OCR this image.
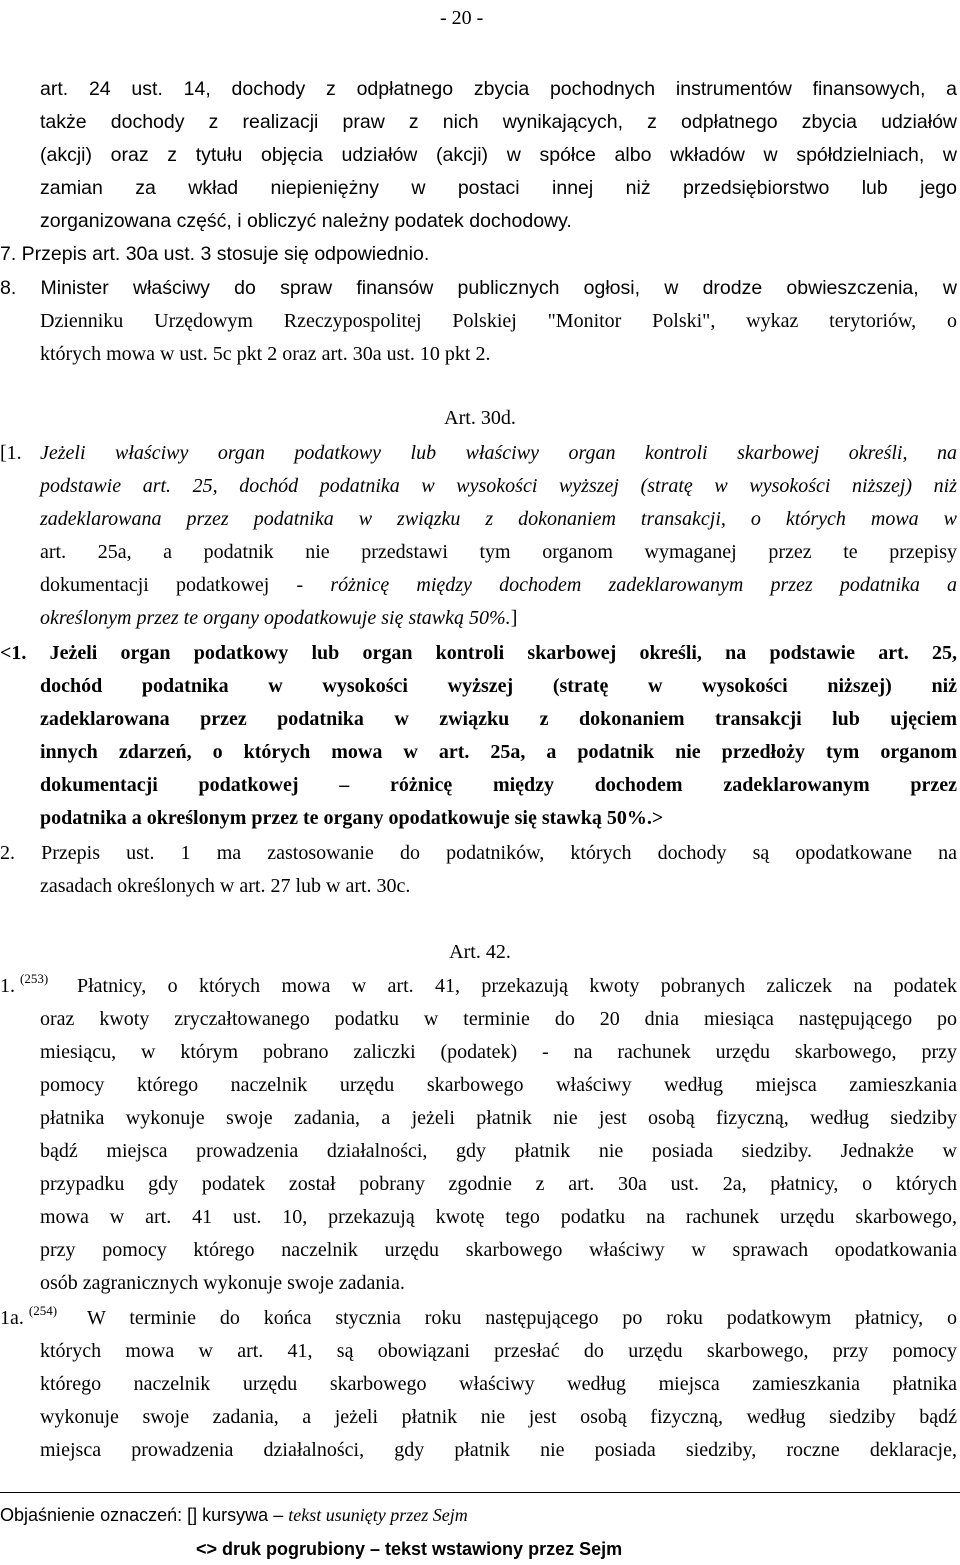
- 20 -
art. 24 ust. 14, dochody z odpłatnego zbycia pochodnych instrumentów finansowych, a
także dochody z realizacji praw z nich wynikających, z odpłatnego zbycia udziałów
(akcji) oraz z tytułu objęcia udziałów (akcji) w spółce albo wkładów w spółdzielniach, w
zamian za wkład niepieniężny w postaci innej niż przedsiębiorstwo lub jego
zorganizowana część, i obliczyć należny podatek dochodowy.
7. Przepis art. 30a ust. 3 stosuje się odpowiednio.
8. Minister właściwy do spraw finansów publicznych ogłosi, w drodze obwieszczenia, w
Dzienniku Urzędowym Rzeczypospolitej Polskiej "Monitor Polski", wykaz terytoriów, o
których mowa w ust. 5c pkt 2 oraz art. 30a ust. 10 pkt 2.
Art. 30d.
[1. Jeżeli właściwy organ podatkowy lub właściwy organ kontroli skarbowej określi, na
podstawie art. 25, dochód podatnika w wysokości wyższej (stratę w wysokości niższej) niż
zadeklarowana przez podatnika w związku z dokonaniem transakcji, o których mowa w
art. 25a, a podatnik nie przedstawi tym organom wymaganej przez te przepisy
dokumentacji podatkowej - różnicę między dochodem zadeklarowanym przez podatnika a
określonym przez te organy opodatkowuje się stawką 50%.]
<1. Jeżeli organ podatkowy lub organ kontroli skarbowej określi, na podstawie art. 25,
dochód podatnika w wysokości wyższej (stratę w wysokości niższej) niż
zadeklarowana przez podatnika w związku z dokonaniem transakcji lub ujęciem
innych zdarzeń, o których mowa w art. 25a, a podatnik nie przedłoży tym organom
dokumentacji podatkowej – różnicę między dochodem zadeklarowanym przez
podatnika a określonym przez te organy opodatkowuje się stawką 50%.>
2. Przepis ust. 1 ma zastosowanie do podatników, których dochody są opodatkowane na
zasadach określonych w art. 27 lub w art. 30c.
Art. 42.
1. $^{(253)}$ Płatnicy, o których mowa w art. 41, przekazują kwoty pobranych zaliczek na podatek
oraz kwoty zryczałtowanego podatku w terminie do 20 dnia miesiąca następującego po
miesiącu, w którym pobrano zaliczki (podatek) - na rachunek urzędu skarbowego, przy
pomocy którego naczelnik urzędu skarbowego właściwy według miejsca zamieszkania
płatnika wykonuje swoje zadania, a jeżeli płatnik nie jest osobą fizyczną, według siedziby
bądź miejsca prowadzenia działalności, gdy płatnik nie posiada siedziby. Jednakże w
przypadku gdy podatek został pobrany zgodnie z art. 30a ust. 2a, płatnicy, o których
mowa w art. 41 ust. 10, przekazują kwotę tego podatku na rachunek urzędu skarbowego,
przy pomocy którego naczelnik urzędu skarbowego właściwy w sprawach opodatkowania
osób zagranicznych wykonuje swoje zadania.
1a. $^{(254)}$ W terminie do końca stycznia roku następującego po roku podatkowym płatnicy, o
których mowa w art. 41, są obowiązani przesłać do urzędu skarbowego, przy pomocy
którego naczelnik urzędu skarbowego właściwy według miejsca zamieszkania płatnika
wykonuje swoje zadania, a jeżeli płatnik nie jest osobą fizyczną, według siedziby bądź
miejsca prowadzenia działalności, gdy płatnik nie posiada siedziby, roczne deklaracje,
Objaśnienie oznaczeń: [] kursywa – tekst usunięty przez Sejm
<> druk pogrubiony – tekst wstawiony przez Sejm
